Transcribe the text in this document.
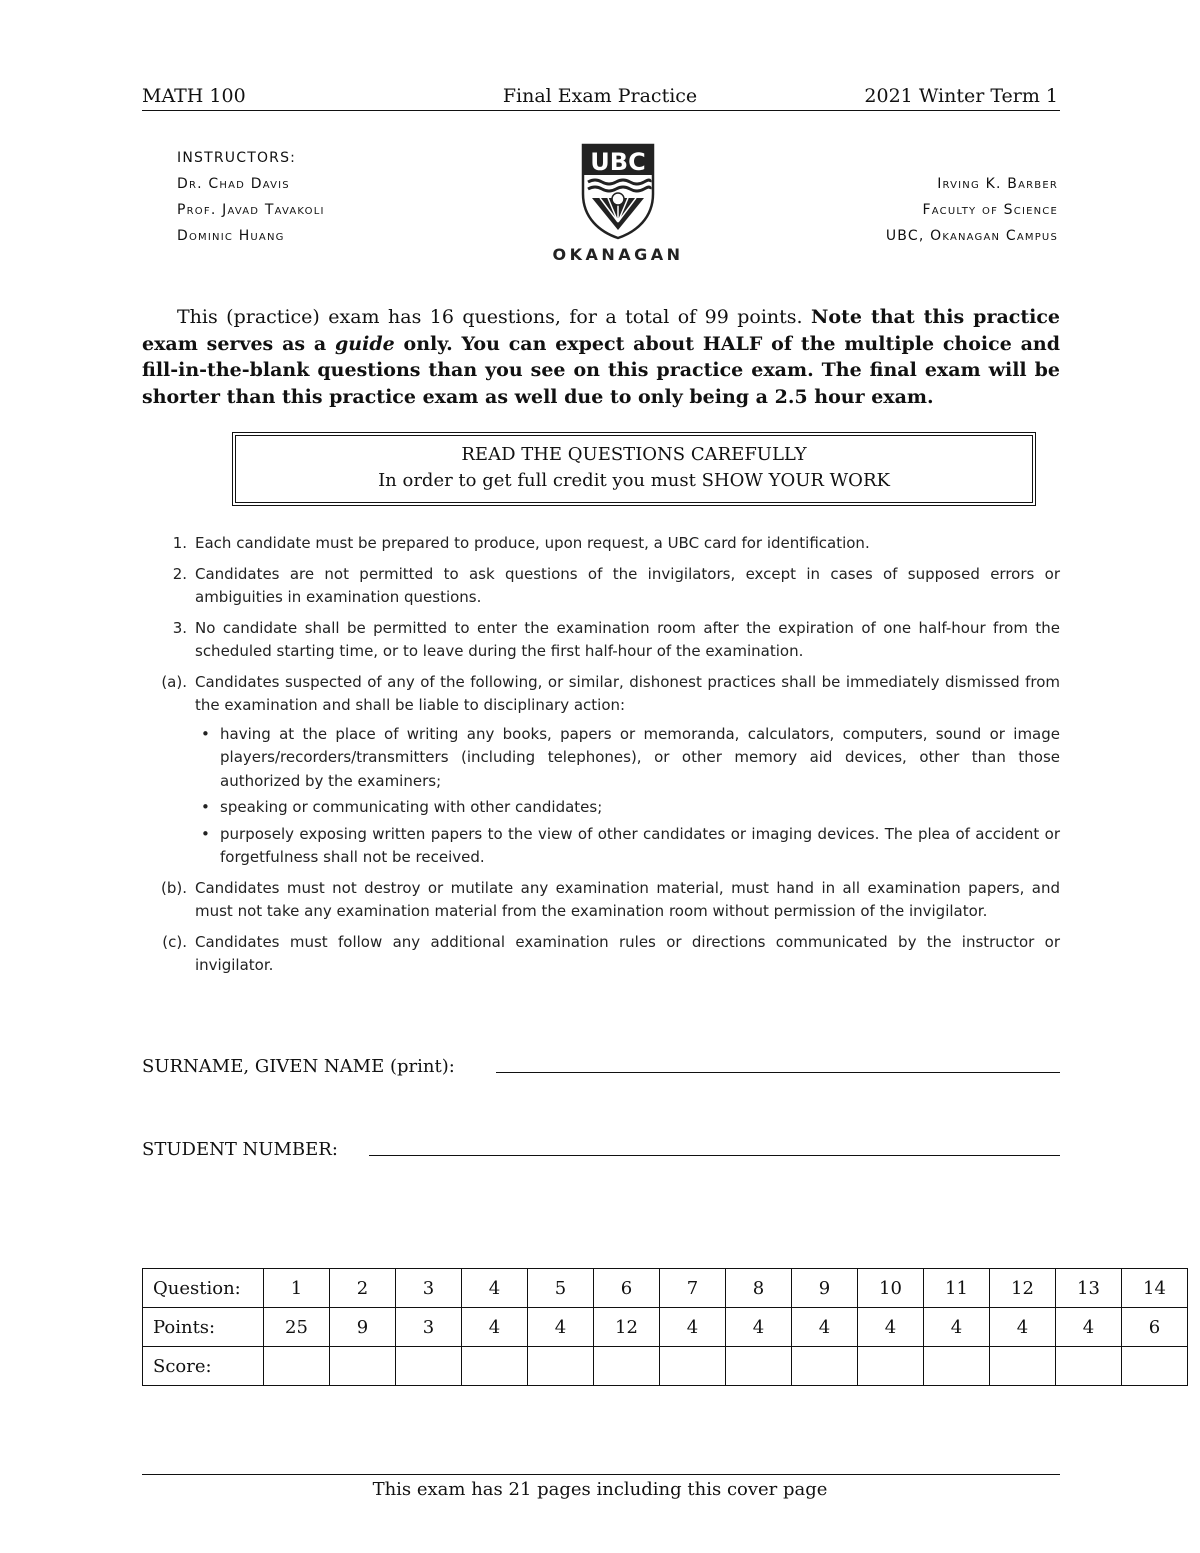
MATH 100	Final Exam Practice	2021 Winter Term 1
INSTRUCTORS:
Dr. Chad Davis
Prof. Javad Tavakoli
Dominic Huang
UBC
OKANAGAN
Irving K. Barber
Faculty of Science
UBC, Okanagan Campus
This (practice) exam has 16 questions, for a total of 99 points. Note that this practice exam serves as a guide only. You can expect about HALF of the multiple choice and fill-in-the-blank questions than you see on this practice exam. The final exam will be shorter than this practice exam as well due to only being a 2.5 hour exam.
READ THE QUESTIONS CAREFULLY
In order to get full credit you must SHOW YOUR WORK
1. Each candidate must be prepared to produce, upon request, a UBC card for identification.
2. Candidates are not permitted to ask questions of the invigilators, except in cases of supposed errors or ambiguities in examination questions.
3. No candidate shall be permitted to enter the examination room after the expiration of one half-hour from the scheduled starting time, or to leave during the first half-hour of the examination.
(a). Candidates suspected of any of the following, or similar, dishonest practices shall be immediately dismissed from the examination and shall be liable to disciplinary action:
• having at the place of writing any books, papers or memoranda, calculators, computers, sound or image players/recorders/transmitters (including telephones), or other memory aid devices, other than those authorized by the examiners;
• speaking or communicating with other candidates;
• purposely exposing written papers to the view of other candidates or imaging devices. The plea of accident or forgetfulness shall not be received.
(b). Candidates must not destroy or mutilate any examination material, must hand in all examination papers, and must not take any examination material from the examination room without permission of the invigilator.
(c). Candidates must follow any additional examination rules or directions communicated by the instructor or invigilator.
SURNAME, GIVEN NAME (print):
STUDENT NUMBER:
Question:	1	2	3	4	5	6	7	8	9	10	11	12	13	14
Points:	25	9	3	4	4	12	4	4	4	4	4	4	4	6
Score:														
This exam has 21 pages including this cover page
